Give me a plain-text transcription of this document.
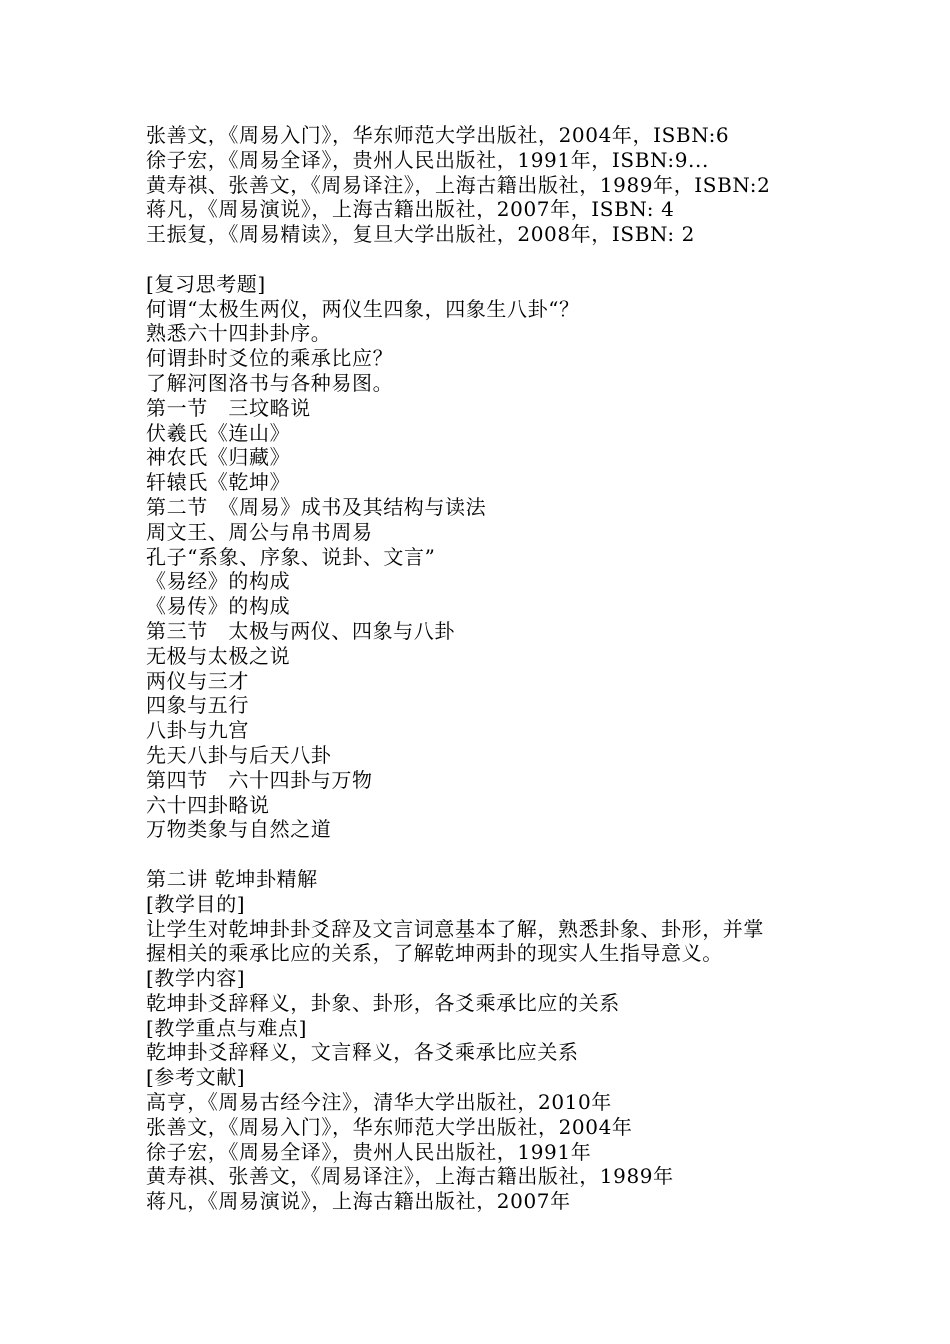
张善文，《周易入门》，华东师范大学出版社，2004年，ISBN:6
徐子宏，《周易全译》，贵州人民出版社，1991年，ISBN:9...
黄寿祺、张善文，《周易译注》，上海古籍出版社，1989年，ISBN:2
蒋凡，《周易演说》，上海古籍出版社，2007年，ISBN: 4
王振复，《周易精读》，复旦大学出版社，2008年，ISBN: 2
[复习思考题]
何谓“太极生两仪，两仪生四象，四象生八卦“？
熟悉六十四卦卦序。
何谓卦时爻位的乘承比应？
了解河图洛书与各种易图。
第一节　三坟略说
伏羲氏《连山》
神农氏《归藏》
轩辕氏《乾坤》
第二节　《周易》成书及其结构与读法
周文王、周公与帛书周易
孔子“系象、序象、说卦、文言”
《易经》的构成
《易传》的构成
第三节　太极与两仪、四象与八卦
无极与太极之说
两仪与三才
四象与五行
八卦与九宫
先天八卦与后天八卦
第四节　六十四卦与万物
六十四卦略说
万物类象与自然之道
第二讲 乾坤卦精解
[教学目的]
让学生对乾坤卦卦爻辞及文言词意基本了解，熟悉卦象、卦形，并掌
握相关的乘承比应的关系，了解乾坤两卦的现实人生指导意义。
[教学内容]
乾坤卦爻辞释义，卦象、卦形，各爻乘承比应的关系
[教学重点与难点]
乾坤卦爻辞释义，文言释义，各爻乘承比应关系
[参考文献]
高亨，《周易古经今注》，清华大学出版社，2010年
张善文，《周易入门》，华东师范大学出版社，2004年
徐子宏，《周易全译》，贵州人民出版社，1991年
黄寿祺、张善文，《周易译注》，上海古籍出版社，1989年
蒋凡，《周易演说》，上海古籍出版社，2007年
